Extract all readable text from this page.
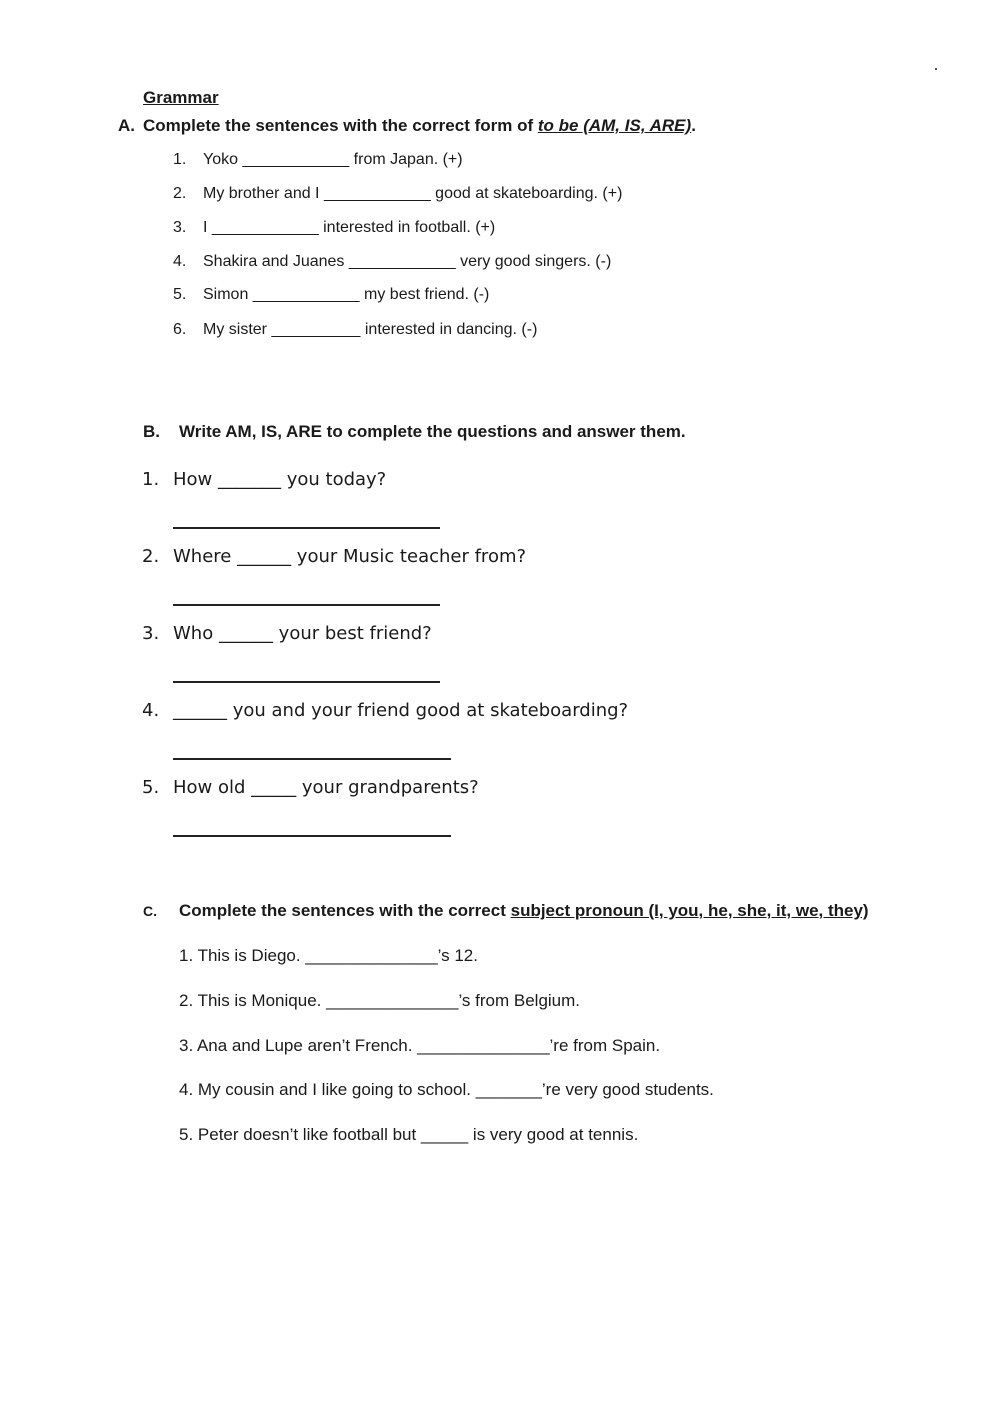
Grammar
A. Complete the sentences with the correct form of to be (AM, IS, ARE).
1. Yoko ____________ from Japan. (+)
2. My brother and I ____________ good at skateboarding. (+)
3. I ____________ interested in football. (+)
4. Shakira and Juanes ____________ very good singers. (-)
5. Simon ____________ my best friend. (-)
6. My sister __________ interested in dancing. (-)
B. Write AM, IS, ARE to complete the questions and answer them.
1. How _______ you today?
2. Where ______ your Music teacher from?
3. Who ______ your best friend?
4. ______ you and your friend good at skateboarding?
5. How old _____ your grandparents?
C. Complete the sentences with the correct subject pronoun (I, you, he, she, it, we, they)
1. This is Diego. ______________’s 12.
2. This is Monique. ______________’s from Belgium.
3. Ana and Lupe aren’t French. ______________’re from Spain.
4. My cousin and I like going to school. _______’re very good students.
5. Peter doesn’t like football but _____ is very good at tennis.
